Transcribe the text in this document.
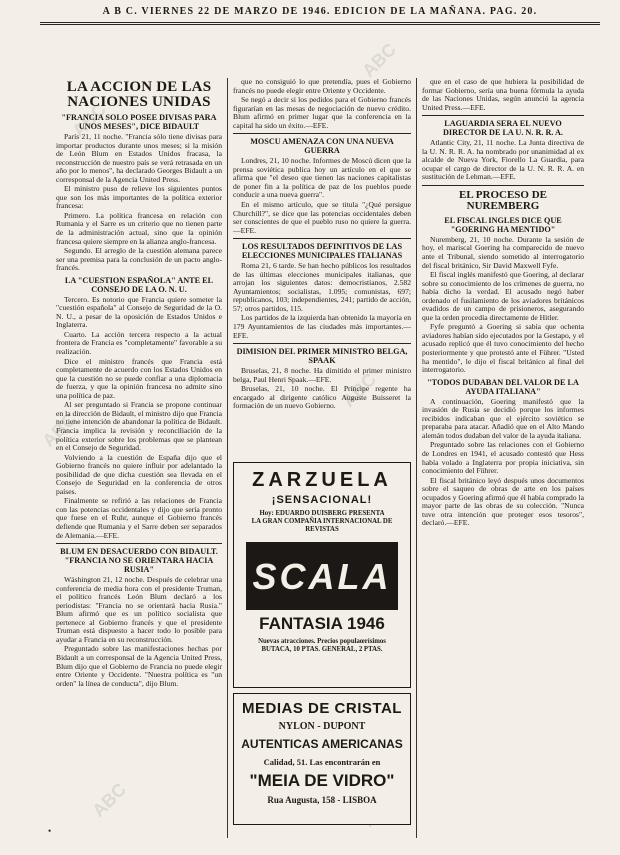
ABC
ABC
ABC
ABC
ABC
A B C. VIERNES 22 DE MARZO DE 1946. EDICION DE LA MAÑANA. PAG. 20.
LA ACCION DE LAS NACIONES UNIDAS
"FRANCIA SOLO POSEE DIVISAS PARA UNOS MESES", DICE BIDAULT

París 21, 11 noche. "Francia sólo tiene divisas para importar productos durante unos meses; si la misión de León Blum en Estados Unidos fracasa, la reconstrucción de nuestro país se verá retrasada en un año por lo menos", ha declarado Georges Bidault a un corresponsal de la Agencia United Press.

El ministro puso de relieve los siguientes puntos que son los más importantes de la política exterior francesa:

Primero. La política francesa en relación con Rumania y el Sarre es un criterio que no tienen parte de la administración actual, sino que la opinión francesa quiere siempre en la alianza anglo-francesa.

Segundo. El arreglo de la cuestión alemana parece ser una premisa para la conclusión de un pacto anglo-francés.

LA "CUESTION ESPAÑOLA" ANTE EL CONSEJO DE LA O. N. U.

Tercero. Es notorio que Francia quiere someter la "cuestión española" al Consejo de Seguridad de la O. N. U., a pesar de la oposición de Estados Unidos e Inglaterra.

Cuarto. La acción tercera respecto a la actual frontera de Francia es "completamente" favorable a su realización.

Dice el ministro francés que Francia está completamente de acuerdo con los Estados Unidos en que la cuestión no se puede confiar a una diplomacia de fuerza, y que la opinión francesa no admite sino una política de paz.

Al ser preguntado si Francia se propone continuar en la dirección de Bidault, el ministro dijo que Francia no tiene intención de abandonar la política de Bidault. Francia implica la revisión y reconciliación de la política exterior sobre los problemas que se plantean en el Consejo de Seguridad.

Volviendo a la cuestión de España dijo que el Gobierno francés no quiere influir por adelantado la posibilidad de que dicha cuestión sea llevada en el Consejo de Seguridad en la conferencia de otros países.

Finalmente se refirió a las relaciones de Francia con las potencias occidentales y dijo que sería pronto que fuese en el Ruhr, aunque el Gobierno francés defiende que Rumania y el Sarre deben ser separados de Alemania.—EFE.

BLUM EN DESACUERDO CON BIDAULT. "FRANCIA NO SE ORIENTARA HACIA RUSIA"

Wáshington 21, 12 noche. Después de celebrar una conferencia de media hora con el presidente Truman, el político francés León Blum declaró a los periodistas: "Francia no se orientará hacia Rusia." Blum afirmó que es un político socialista que pertenece al Gobierno francés y que el presidente Truman está dispuesto a hacer todo lo posible para ayudar a Francia en su reconstrucción.

Preguntado sobre las manifestaciones hechas por Bidault a un corresponsal de la Agencia United Press, Blum dijo que el Gobierno de Francia no puede elegir entre Oriente y Occidente. "Nuestra política es "un orden" la línea de conducta", dijo Blum.

que no consiguió lo que pretendía, pues el Gobierno francés no puede elegir entre Oriente y Occidente.

Se negó a decir si los pedidos para el Gobierno francés figurarían en las mesas de negociación de nuevo crédito. Blum afirmó en primer lugar que la conferencia en la capital ha sido un éxito.—EFE.

MOSCU AMENAZA CON UNA NUEVA GUERRA

Londres, 21, 10 noche. Informes de Moscú dicen que la prensa soviética publica hoy un artículo en el que se afirma que "el deseo que tienen las naciones capitalistas de poner fin a la política de paz de los pueblos puede conducir a una nueva guerra".

En el mismo artículo, que se titula "¿Qué persigue Churchill?", se dice que las potencias occidentales deben ser conscientes de que el pueblo ruso no quiere la guerra.—EFE.

LOS RESULTADOS DEFINITIVOS DE LAS ELECCIONES MUNICIPALES ITALIANAS

Roma 21, 6 tarde. Se han hecho públicos los resultados de las últimas elecciones municipales italianas, que arrojan los siguientes datos: democristianos, 2.582 Ayuntamientos; socialistas, 1.095; comunistas, 697; republicanos, 103; independientes, 241; partido de acción, 57; otros partidos, 115.

Los partidos de la izquierda han obtenido la mayoría en 179 Ayuntamientos de las ciudades más importantes.—EFE.

DIMISION DEL PRIMER MINISTRO BELGA, SPAAK

Bruselas, 21, 8 noche. Ha dimitido el primer ministro belga, Paul Henri Spaak.—EFE.

Bruselas, 21, 10 noche. El Príncipe regente ha encargado al dirigente católico Auguste Buisseret la formación de un nuevo Gobierno.

ZARZUELA
¡SENSACIONAL!
Hoy: EDUARDO DUISBERG PRESENTA
LA GRAN COMPAÑIA INTERNACIONAL DE REVISTAS
SCALA
FANTASIA 1946
Nuevas atracciones. Precios populaœrísimos
BUTACA, 10 PTAS. GENERAL, 2 PTAS.
MEDIAS DE CRISTAL
NYLON - DUPONT
AUTENTICAS AMERICANAS
Calidad, 51. Las encontrarán en
"MEIA DE VIDRO"
Rua Augusta, 158 - LISBOA

que en el caso de que hubiera la posibilidad de formar Gobierno, sería una buena fórmula la ayuda de las Naciones Unidas, según anunció la agencia United Press.—EFE.

LAGUARDIA SERA EL NUEVO DIRECTOR DE LA U. N. R. R. A.

Atlantic City, 21, 11 noche. La Junta directiva de la U. N. R. R. A. ha nombrado por unanimidad al ex alcalde de Nueva York, Fiorello La Guardia, para ocupar el cargo de director de la U. N. R. R. A. en sustitución de Lehman.—EFE.

EL PROCESO DE NUREMBERG
EL FISCAL INGLES DICE QUE "GOERING HA MENTIDO"

Nuremberg, 21, 10 noche. Durante la sesión de hoy, el mariscal Goering ha comparecido de nuevo ante el Tribunal, siendo sometido al interrogatorio del fiscal británico, Sir David Maxwell Fyfe.

El fiscal inglés manifestó que Goering, al declarar sobre su conocimiento de los crímenes de guerra, no había dicho la verdad. El acusado negó haber ordenado el fusilamiento de los aviadores británicos evadidos de un campo de prisioneros, asegurando que la orden procedía directamente de Hitler.

Fyfe preguntó a Goering si sabía que ochenta aviadores habían sido ejecutados por la Gestapo, y el acusado replicó que él tuvo conocimiento del hecho posteriormente y que protestó ante el Führer. "Usted ha mentido", le dijo el fiscal británico al final del interrogatorio.

"TODOS DUDABAN DEL VALOR DE LA AYUDA ITALIANA"

A continuación, Goering manifestó que la invasión de Rusia se decidió porque los informes recibidos indicaban que el ejército soviético se preparaba para atacar. Añadió que en el Alto Mando alemán todos dudaban del valor de la ayuda italiana.

Preguntado sobre las relaciones con el Gobierno de Londres en 1941, el acusado contestó que Hess había volado a Inglaterra por propia iniciativa, sin conocimiento del Führer.

El fiscal británico leyó después unos documentos sobre el saqueo de obras de arte en los países ocupados y Goering afirmó que él había comprado la mayor parte de las obras de su colección. "Nunca tuve otra intención que proteger esos tesoros", declaró.—EFE.

•
